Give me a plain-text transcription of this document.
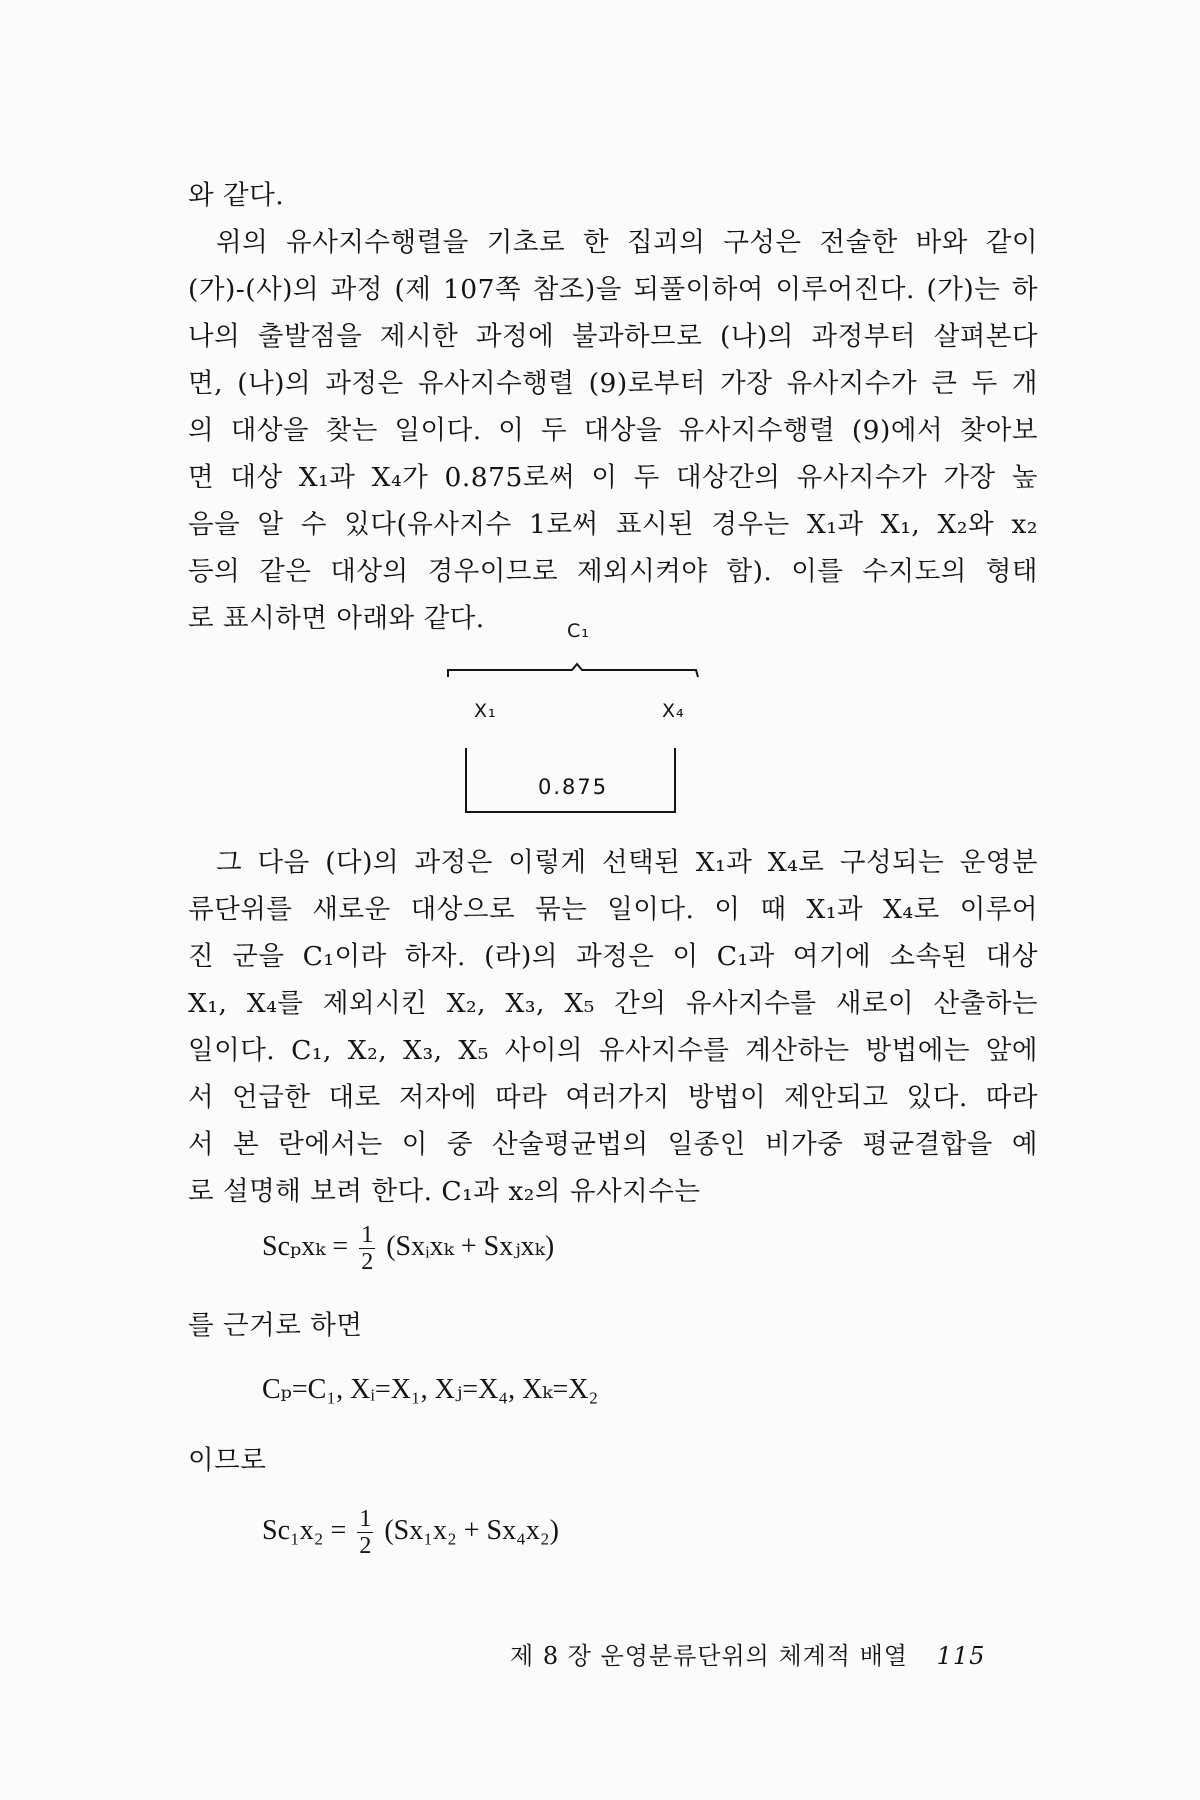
와 같다.
위의 유사지수행렬을 기초로 한 집괴의 구성은 전술한 바와 같이
(가)-(사)의 과정 (제 107쪽 참조)을 되풀이하여 이루어진다. (가)는 하
나의 출발점을 제시한 과정에 불과하므로 (나)의 과정부터 살펴본다
면, (나)의 과정은 유사지수행렬 (9)로부터 가장 유사지수가 큰 두 개
의 대상을 찾는 일이다. 이 두 대상을 유사지수행렬 (9)에서 찾아보
면 대상 X₁과 X₄가 0.875로써 이 두 대상간의 유사지수가 가장 높
음을 알 수 있다(유사지수 1로써 표시된 경우는 X₁과 X₁, X₂와 x₂
등의 같은 대상의 경우이므로 제외시켜야 함). 이를 수지도의 형태
로 표시하면 아래와 같다.	C₁
X₁	X₄
0.875
그 다음 (다)의 과정은 이렇게 선택된 X₁과 X₄로 구성되는 운영분
류단위를 새로운 대상으로 묶는 일이다. 이 때 X₁과 X₄로 이루어
진 군을 C₁이라 하자. (라)의 과정은 이 C₁과 여기에 소속된 대상
X₁, X₄를 제외시킨 X₂, X₃, X₅ 간의 유사지수를 새로이 산출하는
일이다. C₁, X₂, X₃, X₅ 사이의 유사지수를 계산하는 방법에는 앞에
서 언급한 대로 저자에 따라 여러가지 방법이 제안되고 있다. 따라
서 본 란에서는 이 중 산술평균법의 일종인 비가중 평균결합을 예
로 설명해 보려 한다. C₁과 x₂의 유사지수는
$Sc_px_k = \frac{1}{2}$ (Sxᵢxₖ + Sxⱼxₖ)
를 근거로 하면
Cₚ=C₁, Xᵢ=X₁, Xⱼ=X₄, Xₖ=X₂
이므로
$Sc_1x_2 = \frac{1}{2} (Sx_1x_2 + Sx_4x_2)$
제 8 장 운영분류단위의 체계적 배열 115
